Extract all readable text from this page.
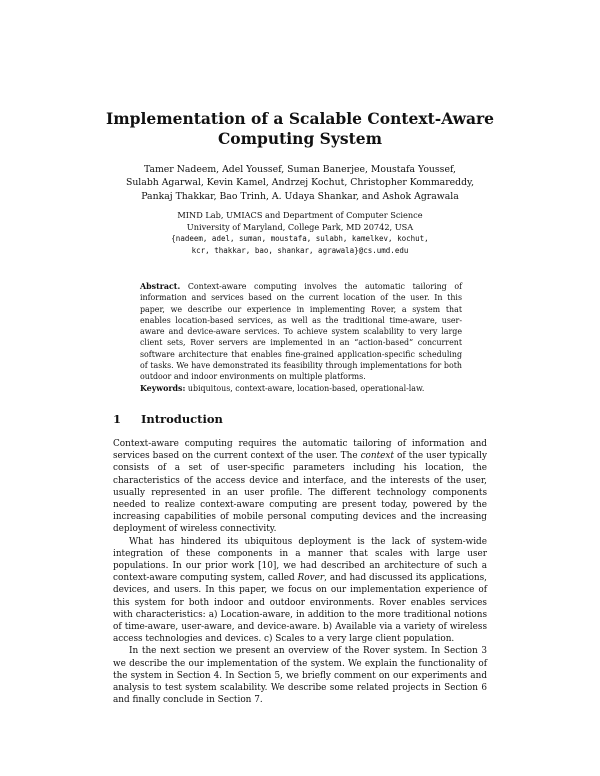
Implementation of a Scalable Context-Aware
Computing System
Tamer Nadeem, Adel Youssef, Suman Banerjee, Moustafa Youssef,
Sulabh Agarwal, Kevin Kamel, Andrzej Kochut, Christopher Kommareddy,
Pankaj Thakkar, Bao Trinh, A. Udaya Shankar, and Ashok Agrawala
MIND Lab, UMIACS and Department of Computer Science
University of Maryland, College Park, MD 20742, USA
{nadeem, adel, suman, moustafa, sulabh, kamelkev, kochut,
kcr, thakkar, bao, shankar, agrawala}@cs.umd.edu
Abstract. Context-aware computing involves the automatic tailoring of information and services based on the current location of the user. In this paper, we describe our experience in implementing Rover, a system that enables location-based services, as well as the traditional time-aware, user-aware and device-aware services. To achieve system scalability to very large client sets, Rover servers are implemented in an “action-based” concurrent software architecture that enables fine-grained application-specific scheduling of tasks. We have demonstrated its feasibility through implementations for both outdoor and indoor environments on multiple platforms.
Keywords: ubiquitous, context-aware, location-based, operational-law.
1 Introduction

Context-aware computing requires the automatic tailoring of information and services based on the current context of the user. The context of the user typically consists of a set of user-specific parameters including his location, the characteristics of the access device and interface, and the interests of the user, usually represented in an user profile. The different technology components needed to realize context-aware computing are present today, powered by the increasing capabilities of mobile personal computing devices and the increasing deployment of wireless connectivity.

What has hindered its ubiquitous deployment is the lack of system-wide integration of these components in a manner that scales with large user populations. In our prior work [10], we had described an architecture of such a context-aware computing system, called Rover, and had discussed its applications, devices, and users. In this paper, we focus on our implementation experience of this system for both indoor and outdoor environments. Rover enables services with characteristics: a) Location-aware, in addition to the more traditional notions of time-aware, user-aware, and device-aware. b) Available via a variety of wireless access technologies and devices. c) Scales to a very large client population.

In the next section we present an overview of the Rover system. In Section 3 we describe the our implementation of the system. We explain the functionality of the system in Section 4. In Section 5, we briefly comment on our experiments and analysis to test system scalability. We describe some related projects in Section 6 and finally conclude in Section 7.
